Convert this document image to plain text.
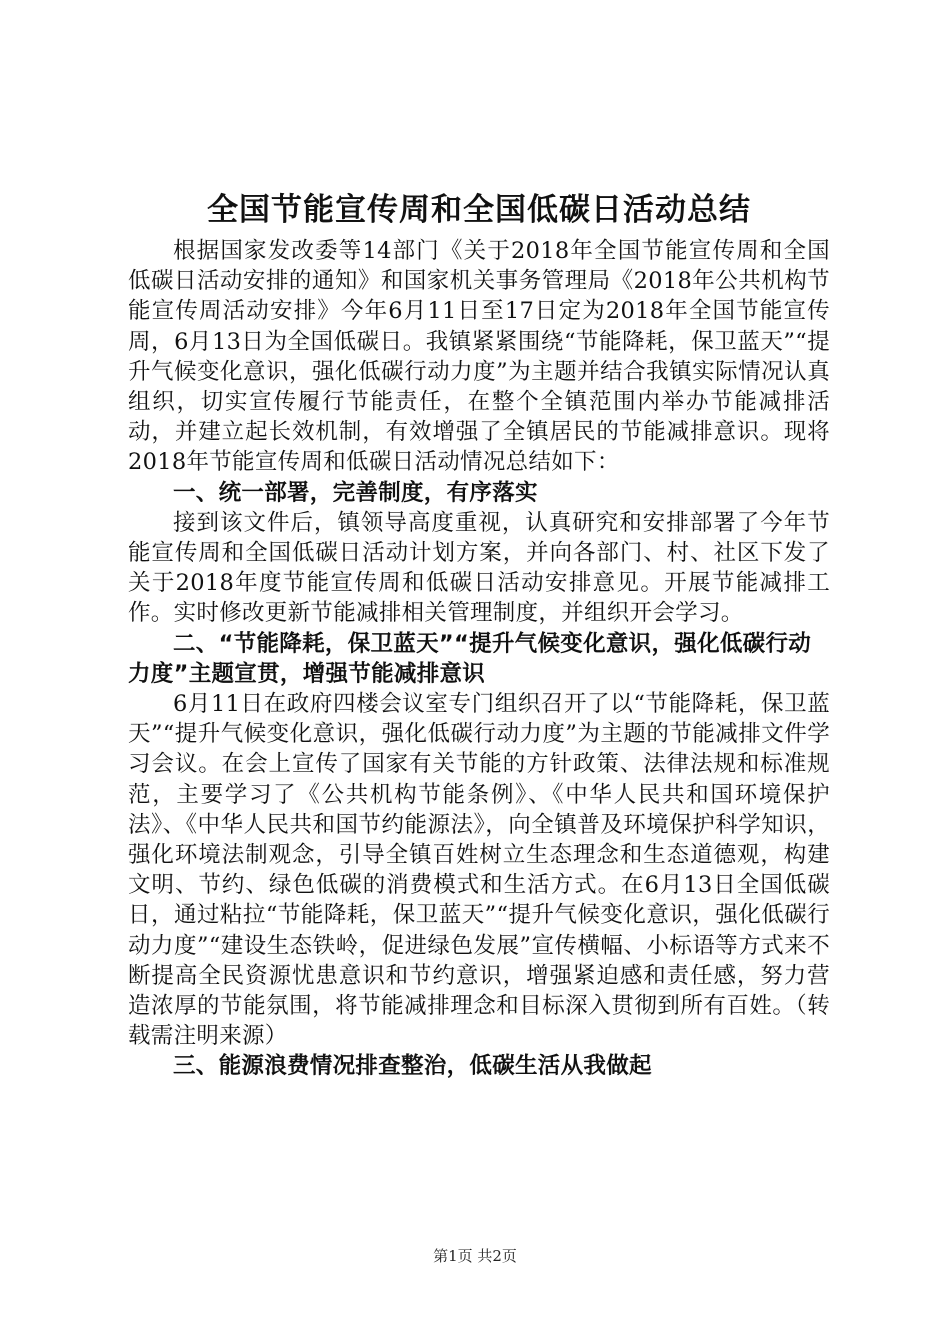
全国节能宣传周和全国低碳日活动总结

根据国家发改委等14部门《关于2018年全国节能宣传周和全国低碳日活动安排的通知》和国家机关事务管理局《2018年公共机构节能宣传周活动安排》今年6月11日至17日定为2018年全国节能宣传周，6月13日为全国低碳日。我镇紧紧围绕“节能降耗，保卫蓝天”“提升气候变化意识，强化低碳行动力度”为主题并结合我镇实际情况认真组织，切实宣传履行节能责任，在整个全镇范围内举办节能减排活动，并建立起长效机制，有效增强了全镇居民的节能减排意识。现将2018年节能宣传周和低碳日活动情况总结如下：

一、统一部署，完善制度，有序落实

接到该文件后，镇领导高度重视，认真研究和安排部署了今年节能宣传周和全国低碳日活动计划方案，并向各部门、村、社区下发了关于2018年度节能宣传周和低碳日活动安排意见。开展节能减排工作。实时修改更新节能减排相关管理制度，并组织开会学习。

二、“节能降耗，保卫蓝天”“提升气候变化意识，强化低碳行动力度”主题宣贯，增强节能减排意识

6月11日在政府四楼会议室专门组织召开了以“节能降耗，保卫蓝天”“提升气候变化意识，强化低碳行动力度”为主题的节能减排文件学习会议。在会上宣传了国家有关节能的方针政策、法律法规和标准规范，主要学习了《公共机构节能条例》、《中华人民共和国环境保护法》、《中华人民共和国节约能源法》，向全镇普及环境保护科学知识，强化环境法制观念，引导全镇百姓树立生态理念和生态道德观，构建文明、节约、绿色低碳的消费模式和生活方式。在6月13日全国低碳日，通过粘拉“节能降耗，保卫蓝天”“提升气候变化意识，强化低碳行动力度”“建设生态铁岭，促进绿色发展”宣传横幅、小标语等方式来不断提高全民资源忧患意识和节约意识，增强紧迫感和责任感，努力营造浓厚的节能氛围，将节能减排理念和目标深入贯彻到所有百姓。（转载需注明来源）

三、能源浪费情况排查整治，低碳生活从我做起

第1页 共2页
